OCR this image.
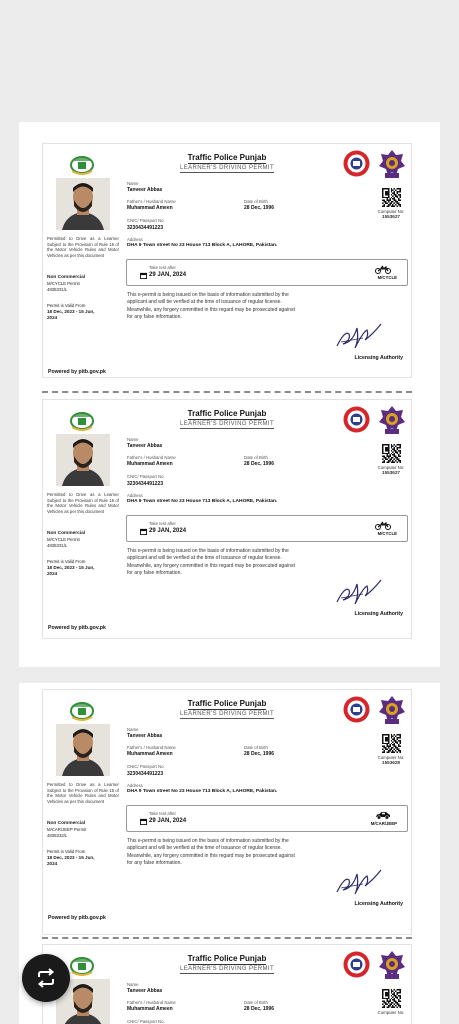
Traffic Police Punjab
LEARNER'S DRIVING PERMIT
Name
Tanveer Abbas
Father's / Husband Name
Muhammad Ameen
Date of Birth
28 Dec, 1996
CNIC/ Passport No.
3230434491223
Address
DHA 9 Town street No 23 House 713 Block A, LAHORE, Pakistan.
Computer No:
1553627
Permitted to Drive as a Learner Subject to the Provision of Rule 15 of the Motor Vehicle Rules and Motor Vehicles as per this document
Non Commercial
M/CYCLE Permit
4835331/L
Permit is Valid From
18 Dec, 2023 - 15 Jun, 2024
Take test after
29 JAN, 2024	M/CYCLE
This e-permit is being issued on the basis of information submitted by the applicant and will be verified at the time of issuance of regular license. Meanwhile, any forgery committed in this regard may be prosecuted against for any false information.
Licensing Authority
Powered by pitb.gov.pk
Traffic Police Punjab
LEARNER'S DRIVING PERMIT
Name
Tanveer Abbas
Father's / Husband Name
Muhammad Ameen
Date of Birth
28 Dec, 1996
CNIC/ Passport No.
3230434491223
Address
DHA 9 Town street No 23 House 713 Block A, LAHORE, Pakistan.
Computer No:
1553627
Permitted to Drive as a Learner Subject to the Provision of Rule 15 of the Motor Vehicle Rules and Motor Vehicles as per this document
Non Commercial
M/CYCLE Permit
4835331/L
Permit is Valid From
18 Dec, 2023 - 15 Jun, 2024
Take test after
29 JAN, 2024	M/CYCLE
This e-permit is being issued on the basis of information submitted by the applicant and will be verified at the time of issuance of regular license. Meanwhile, any forgery committed in this regard may be prosecuted against for any false information.
Licensing Authority
Powered by pitb.gov.pk
Traffic Police Punjab
LEARNER'S DRIVING PERMIT
Name
Tanveer Abbas
Father's / Husband Name
Muhammad Ameen
Date of Birth
28 Dec, 1996
CNIC/ Passport No.
3230434491223
Address
DHA 9 Town street No 23 House 713 Block A, LAHORE, Pakistan.
Computer No:
1553628
Permitted to Drive as a Learner Subject to the Provision of Rule 15 of the Motor Vehicle Rules and Motor Vehicles as per this document
Non Commercial
M/CAR/JEEP Permit
4835332/L
Permit is Valid From
18 Dec, 2023 - 15 Jun, 2024
Take test after
29 JAN, 2024	M/CAR/JEEP
This e-permit is being issued on the basis of information submitted by the applicant and will be verified at the time of issuance of regular license. Meanwhile, any forgery committed in this regard may be prosecuted against for any false information.
Licensing Authority
Powered by pitb.gov.pk
Traffic Police Punjab
LEARNER'S DRIVING PERMIT
Name
Tanveer Abbas
Father's / Husband Name
Muhammad Ameen
Date of Birth
28 Dec, 1996
CNIC/ Passport No.
Computer No:
